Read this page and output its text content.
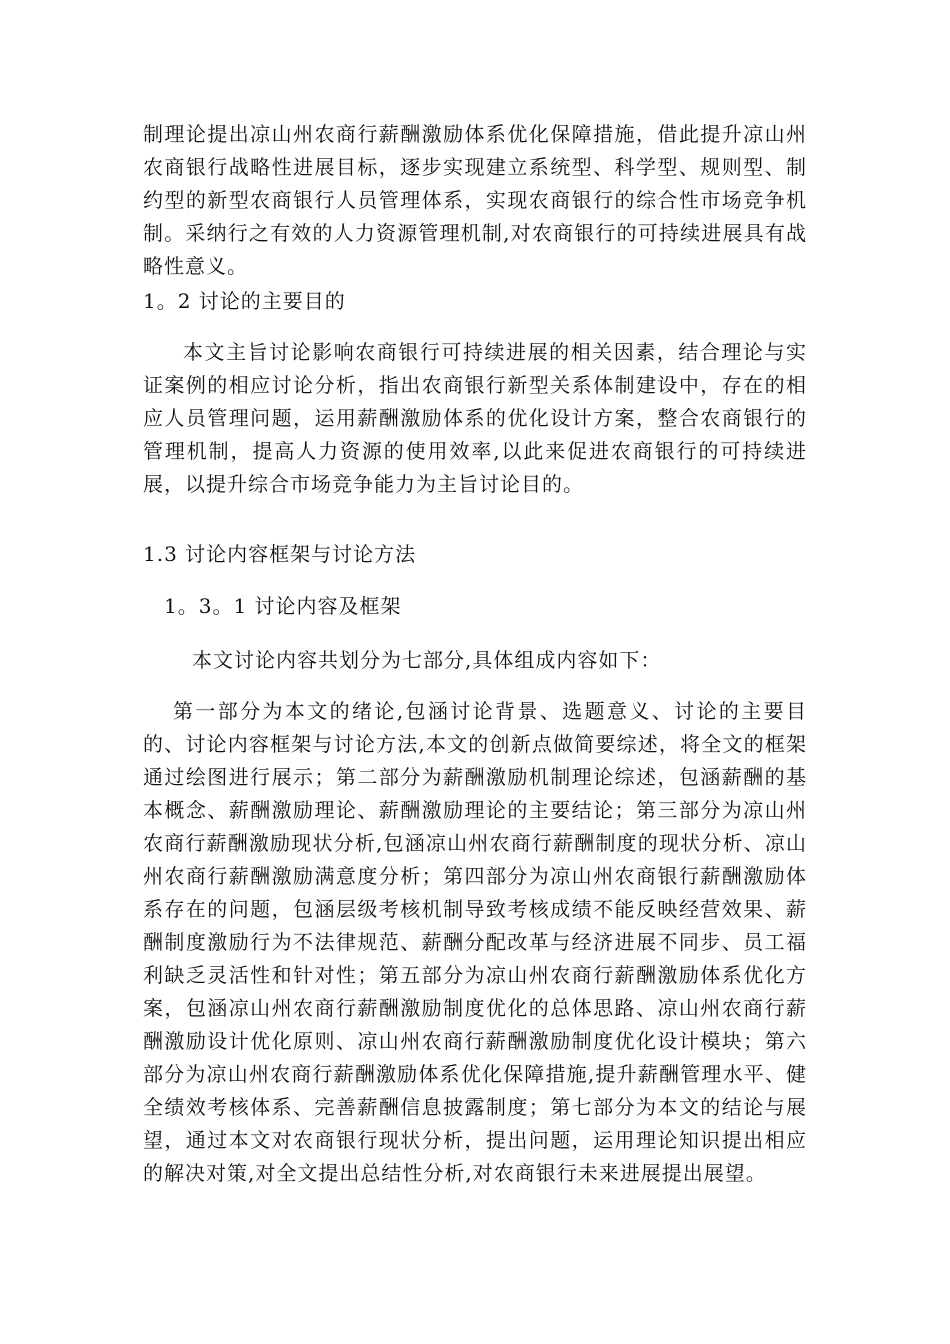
制理论提出凉山州农商行薪酬激励体系优化保障措施，借此提升凉山州农商银行战略性进展目标，逐步实现建立系统型、科学型、规则型、制约型的新型农商银行人员管理体系，实现农商银行的综合性市场竞争机制。采纳行之有效的人力资源管理机制,对农商银行的可持续进展具有战略性意义。

1。2 讨论的主要目的

本文主旨讨论影响农商银行可持续进展的相关因素，结合理论与实证案例的相应讨论分析，指出农商银行新型关系体制建设中，存在的相应人员管理问题，运用薪酬激励体系的优化设计方案，整合农商银行的管理机制，提高人力资源的使用效率,以此来促进农商银行的可持续进展，以提升综合市场竞争能力为主旨讨论目的。

1.3 讨论内容框架与讨论方法

1。3。1 讨论内容及框架

本文讨论内容共划分为七部分,具体组成内容如下：

第一部分为本文的绪论,包涵讨论背景、选题意义、讨论的主要目的、讨论内容框架与讨论方法,本文的创新点做简要综述，将全文的框架通过绘图进行展示；第二部分为薪酬激励机制理论综述，包涵薪酬的基本概念、薪酬激励理论、薪酬激励理论的主要结论；第三部分为凉山州农商行薪酬激励现状分析,包涵凉山州农商行薪酬制度的现状分析、凉山州农商行薪酬激励满意度分析；第四部分为凉山州农商银行薪酬激励体系存在的问题，包涵层级考核机制导致考核成绩不能反映经营效果、薪酬制度激励行为不法律规范、薪酬分配改革与经济进展不同步、员工福利缺乏灵活性和针对性；第五部分为凉山州农商行薪酬激励体系优化方案，包涵凉山州农商行薪酬激励制度优化的总体思路、凉山州农商行薪酬激励设计优化原则、凉山州农商行薪酬激励制度优化设计模块；第六部分为凉山州农商行薪酬激励体系优化保障措施,提升薪酬管理水平、健全绩效考核体系、完善薪酬信息披露制度；第七部分为本文的结论与展望，通过本文对农商银行现状分析，提出问题，运用理论知识提出相应的解决对策,对全文提出总结性分析,对农商银行未来进展提出展望。
